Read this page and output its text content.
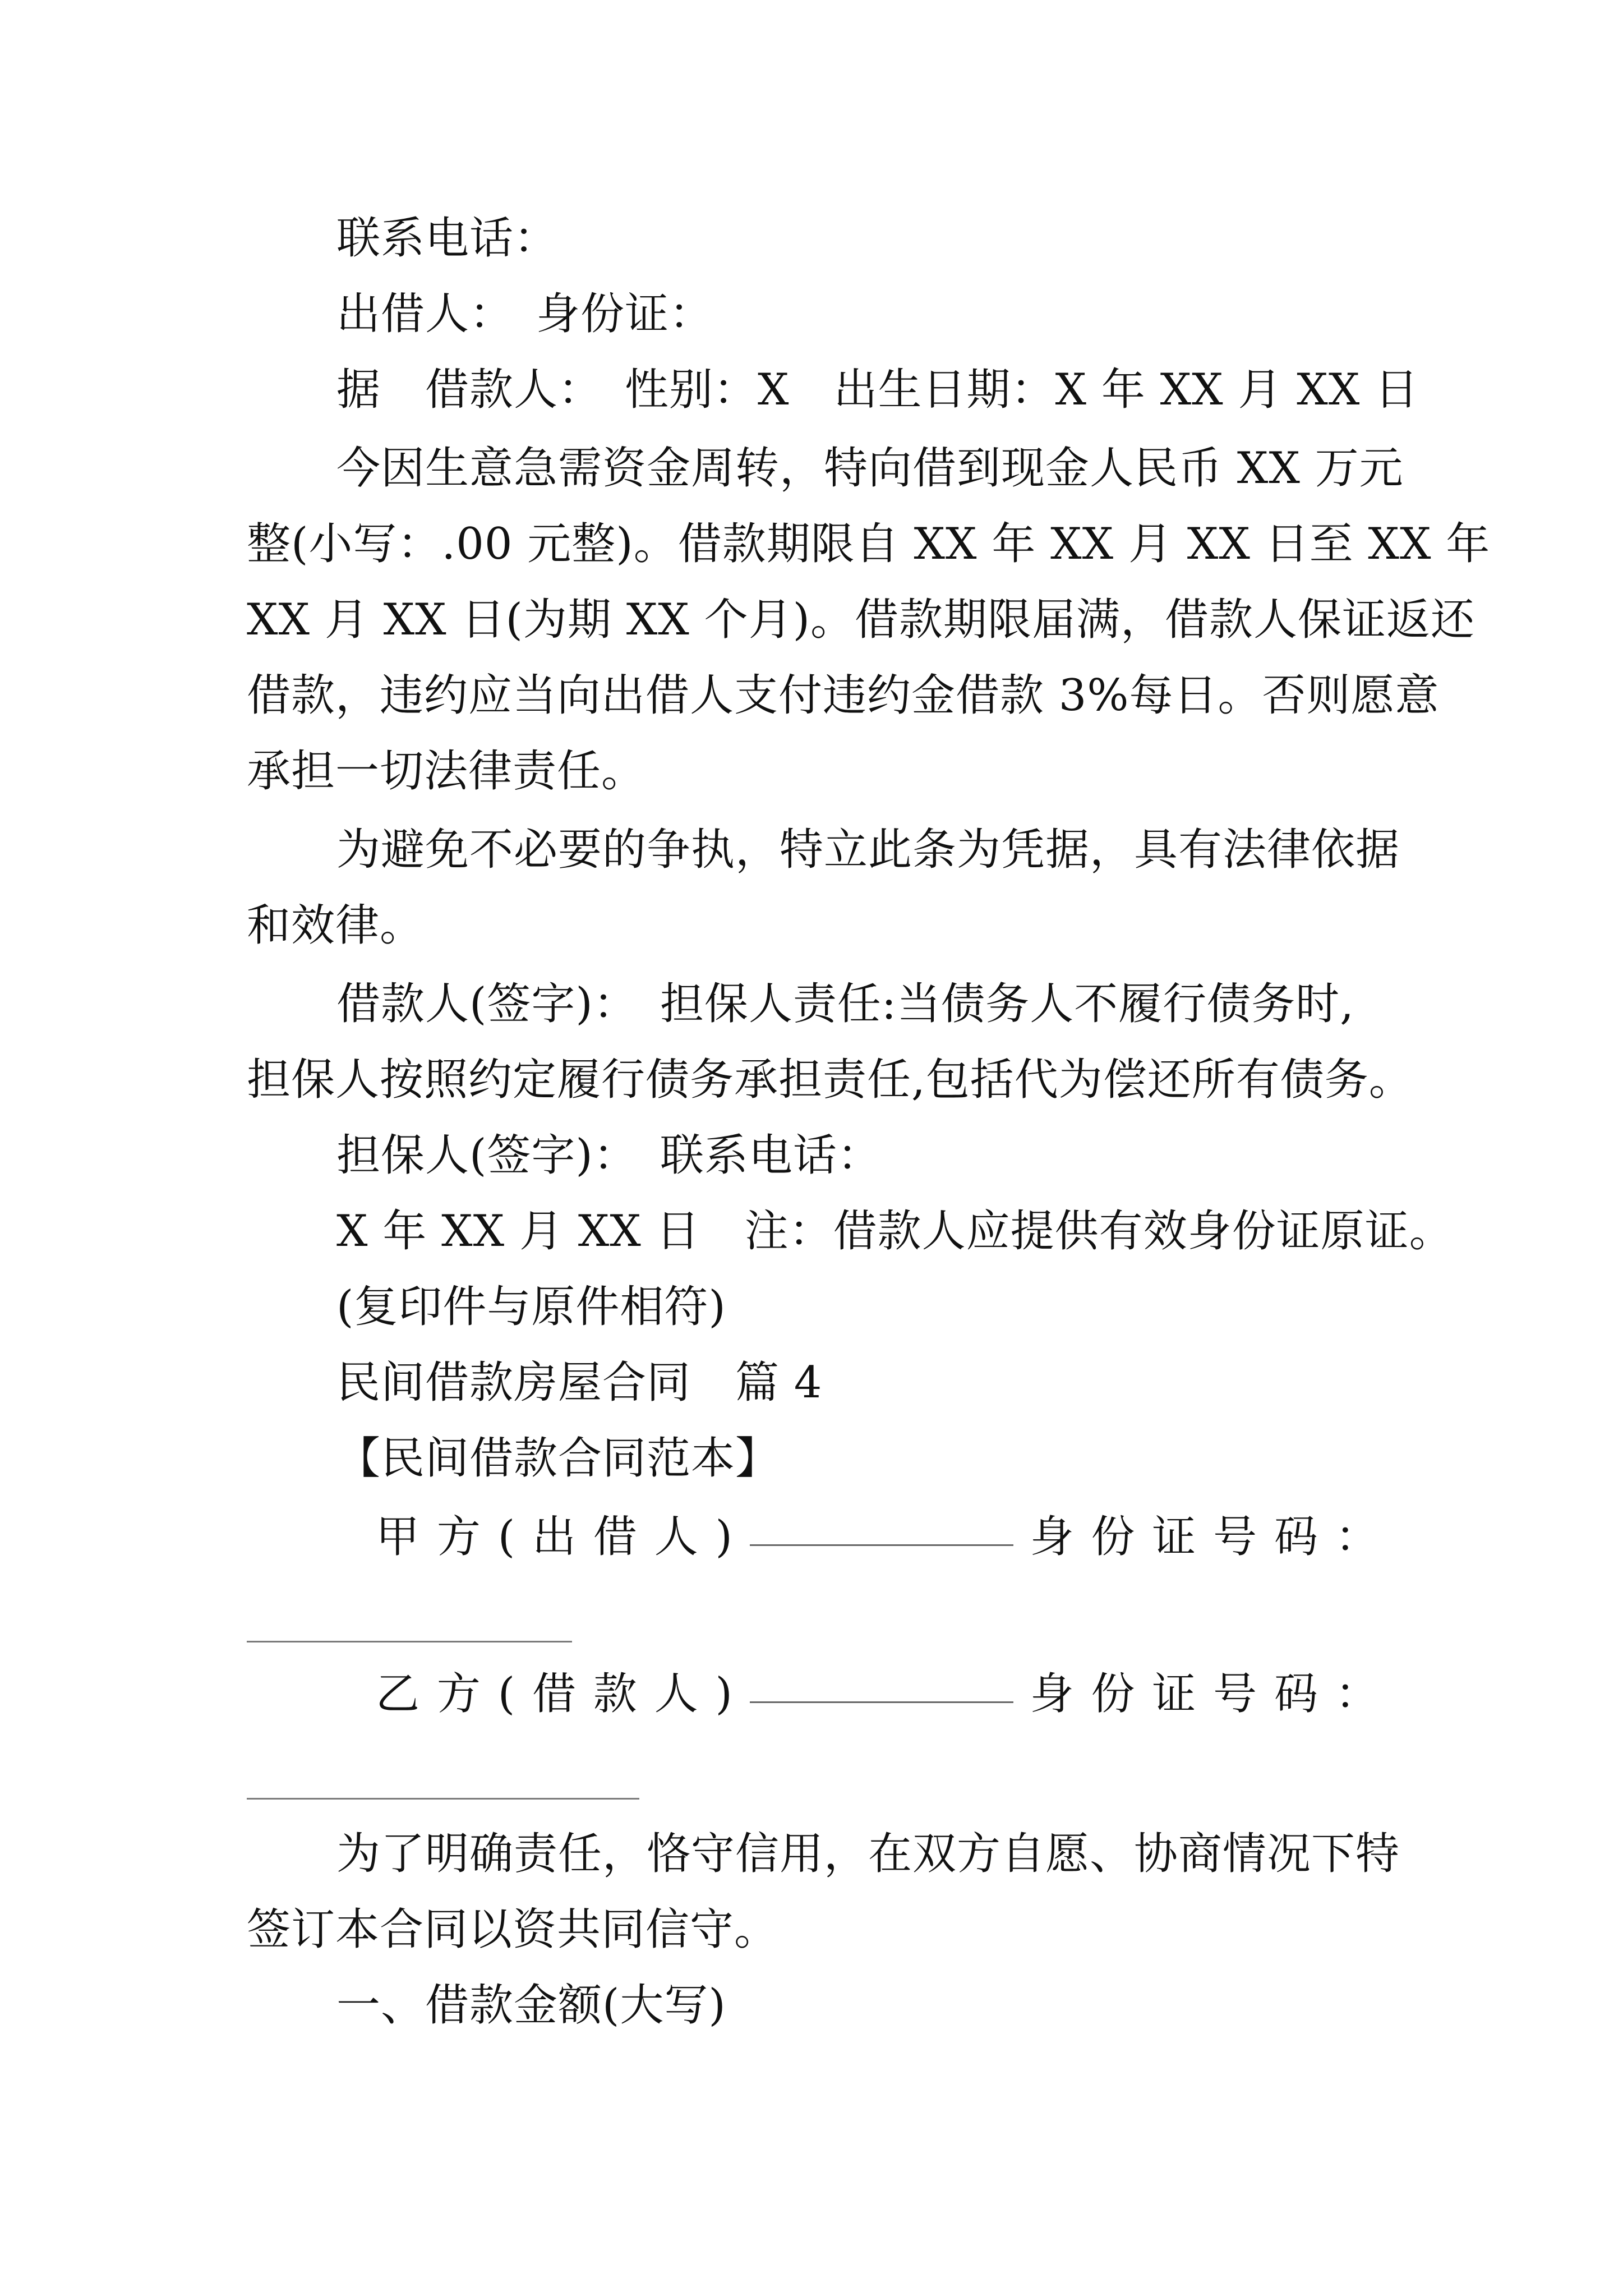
联系电话：
出借人：　身份证：
据　借款人：　性别：X　出生日期：X 年 XX 月 XX 日
今因生意急需资金周转，特向借到现金人民币 XX 万元
整(小写：.00 元整)。借款期限自 XX 年 XX 月 XX 日至 XX 年
XX 月 XX 日(为期 XX 个月)。借款期限届满，借款人保证返还
借款，违约应当向出借人支付违约金借款 3%每日。否则愿意
承担一切法律责任。
为避免不必要的争执，特立此条为凭据，具有法律依据
和效律。
借款人(签字)：　担保人责任:当债务人不履行债务时,
担保人按照约定履行债务承担责任,包括代为偿还所有债务。
担保人(签字)：　联系电话：
X 年 XX 月 XX 日　注：借款人应提供有效身份证原证。
(复印件与原件相符)
民间借款房屋合同　篇 4
【民间借款合同范本】
甲 方 ( 出 借 人 )	身 份 证 号 码 ：
乙 方 ( 借 款 人 )	身 份 证 号 码 ：
为了明确责任，恪守信用，在双方自愿、协商情况下特
签订本合同以资共同信守。
一、借款金额(大写)
